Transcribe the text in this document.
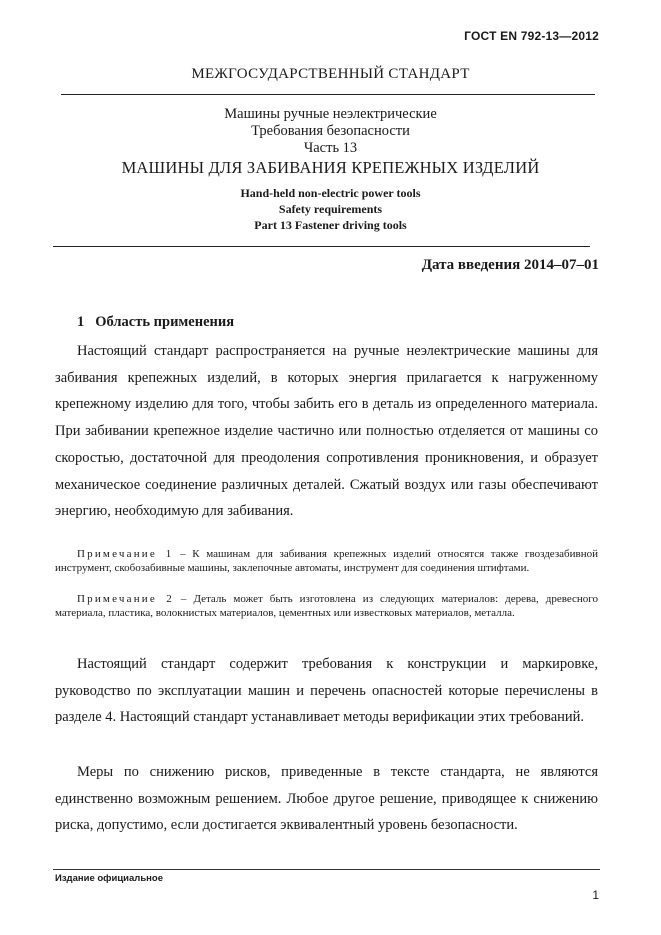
ГОСТ EN 792-13—2012
МЕЖГОСУДАРСТВЕННЫЙ СТАНДАРТ
Машины ручные неэлектрические
Требования безопасности
Часть 13
МАШИНЫ ДЛЯ ЗАБИВАНИЯ КРЕПЕЖНЫХ ИЗДЕЛИЙ
Hand-held non-electric power tools
Safety requirements
Part 13 Fastener driving tools
Дата введения 2014–07–01
1 Область применения

Настоящий стандарт распространяется на ручные неэлектрические машины для забивания крепежных изделий, в которых энергия прилагается к нагруженному крепежному изделию для того, чтобы забить его в деталь из определенного материала. При забивании крепежное изделие частично или полностью отделяется от машины со скоростью, достаточной для преодоления сопротивления проникновения, и образует механическое соединение различных деталей. Сжатый воздух или газы обеспечивают энергию, необходимую для забивания.

Примечание 1 – К машинам для забивания крепежных изделий относятся также гвоздезабивной инструмент, скобозабивные машины, заклепочные автоматы, инструмент для соединения штифтами.

Примечание 2 – Деталь может быть изготовлена из следующих материалов: дерева, древесного материала, пластика, волокнистых материалов, цементных или известковых материалов, металла.

Настоящий стандарт содержит требования к конструкции и маркировке, руководство по эксплуатации машин и перечень опасностей которые перечислены в разделе 4. Настоящий стандарт устанавливает методы верификации этих требований.

Меры по снижению рисков, приведенные в тексте стандарта, не являются единственно возможным решением. Любое другое решение, приводящее к снижению риска, допустимо, если достигается эквивалентный уровень безопасности.

Издание официальное
1
